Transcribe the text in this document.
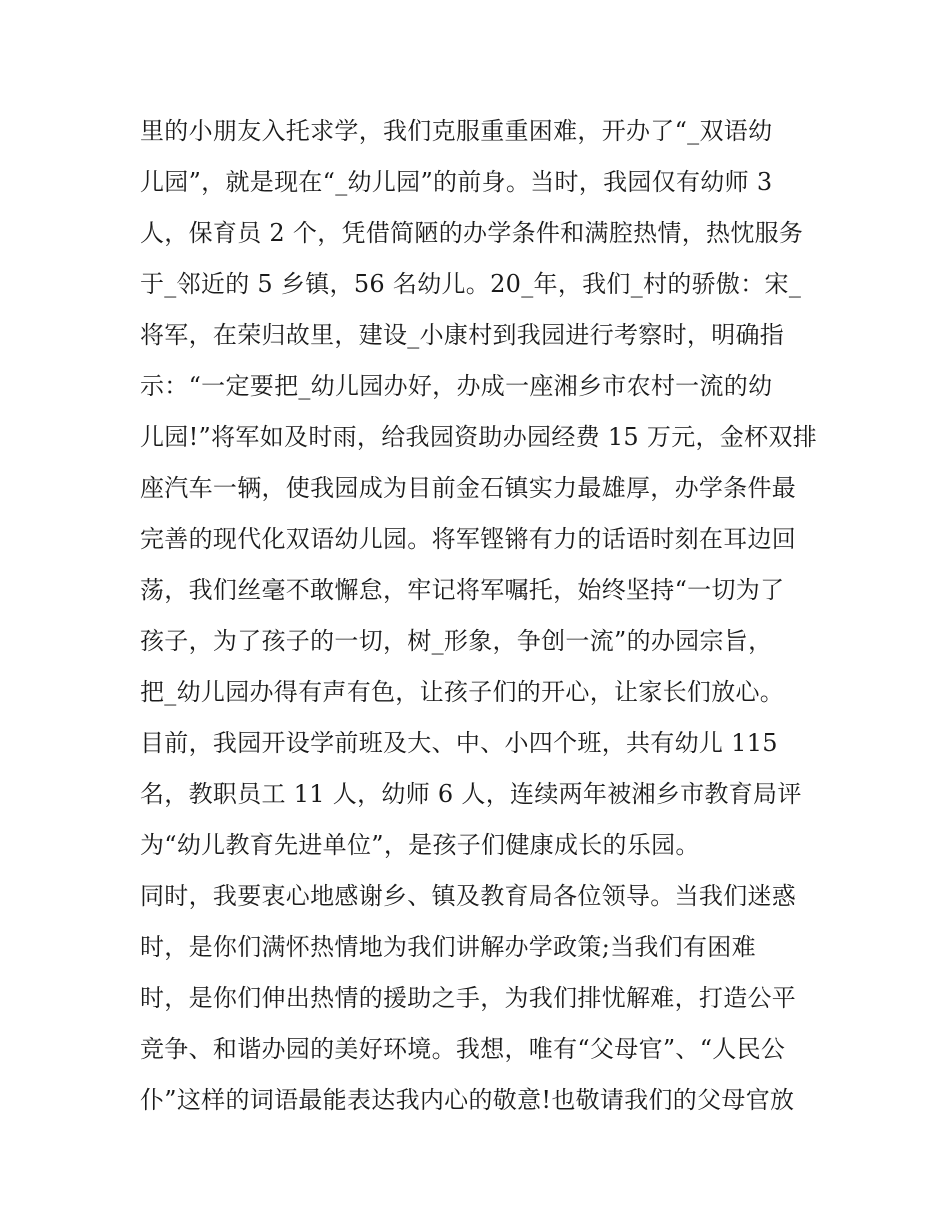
里的小朋友入托求学，我们克服重重困难，开办了“_双语幼
儿园”，就是现在“_幼儿园”的前身。当时，我园仅有幼师 3
人，保育员 2 个，凭借简陋的办学条件和满腔热情，热忱服务
于_邻近的 5 乡镇，56 名幼儿。20_年，我们_村的骄傲：宋_
将军，在荣归故里，建设_小康村到我园进行考察时，明确指
示：“一定要把_幼儿园办好，办成一座湘乡市农村一流的幼
儿园!”将军如及时雨，给我园资助办园经费 15 万元，金杯双排
座汽车一辆，使我园成为目前金石镇实力最雄厚，办学条件最
完善的现代化双语幼儿园。将军铿锵有力的话语时刻在耳边回
荡，我们丝毫不敢懈怠，牢记将军嘱托，始终坚持“一切为了
孩子，为了孩子的一切，树_形象，争创一流”的办园宗旨，
把_幼儿园办得有声有色，让孩子们的开心，让家长们放心。
目前，我园开设学前班及大、中、小四个班，共有幼儿 115
名，教职员工 11 人，幼师 6 人，连续两年被湘乡市教育局评
为“幼儿教育先进单位”，是孩子们健康成长的乐园。
同时，我要衷心地感谢乡、镇及教育局各位领导。当我们迷惑
时，是你们满怀热情地为我们讲解办学政策;当我们有困难
时，是你们伸出热情的援助之手，为我们排忧解难，打造公平
竞争、和谐办园的美好环境。我想，唯有“父母官”、“人民公
仆”这样的词语最能表达我内心的敬意!也敬请我们的父母官放
